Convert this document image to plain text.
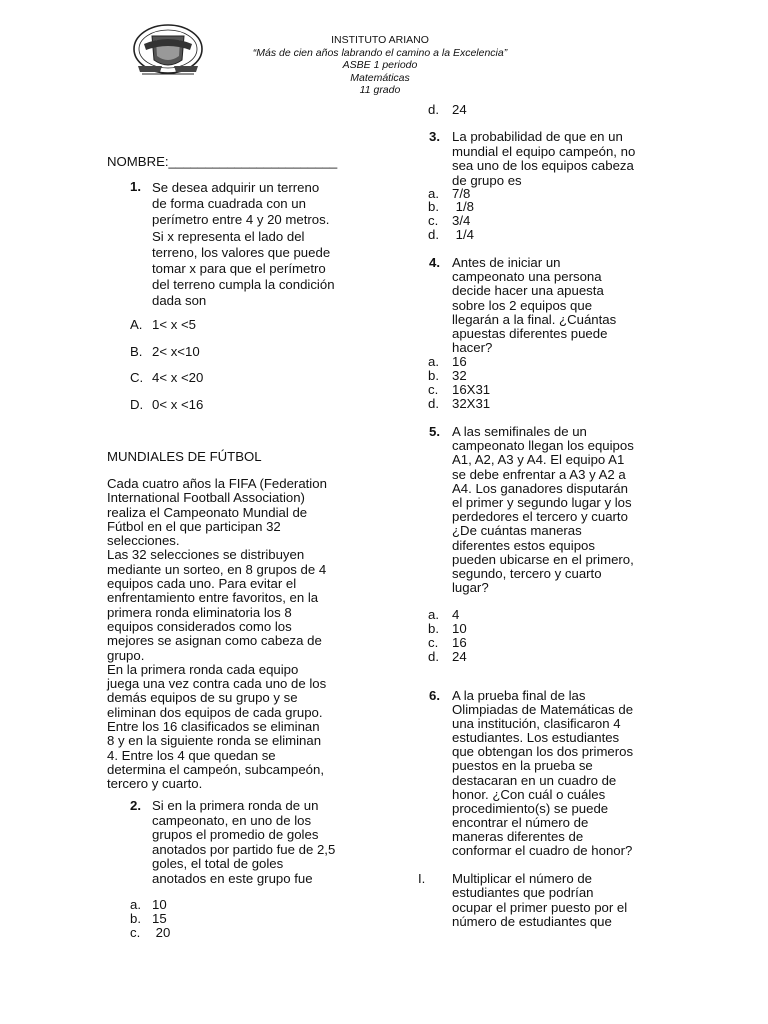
INSTITUTO ARIANO
“Más de cien años labrando el camino a la Excelencia”
ASBE 1 periodo
Matemáticas
11 grado
NOMBRE:_______________________
1. Se desea adquirir un terreno

de forma cuadrada con un

perímetro entre 4 y 20 metros.

Si x representa el lado del

terreno, los valores que puede

tomar x para que el perímetro

del terreno cumpla la condición

dada son

A. 1< x <5
B. 2< x<10
C. 4< x <20
D. 0< x <16
MUNDIALES DE FÚTBOL

Cada cuatro años la FIFA (Federation

International Football Association)

realiza el Campeonato Mundial de

Fútbol en el que participan 32

selecciones.

Las 32 selecciones se distribuyen

mediante un sorteo, en 8 grupos de 4

equipos cada uno. Para evitar el

enfrentamiento entre favoritos, en la

primera ronda eliminatoria los 8

equipos considerados como los

mejores se asignan como cabeza de

grupo.

En la primera ronda cada equipo

juega una vez contra cada uno de los

demás equipos de su grupo y se

eliminan dos equipos de cada grupo.

Entre los 16 clasificados se eliminan

8 y en la siguiente ronda se eliminan

4. Entre los 4 que quedan se

determina el campeón, subcampeón,

tercero y cuarto.

2. Si en la primera ronda de un

campeonato, en uno de los

grupos el promedio de goles

anotados por partido fue de 2,5

goles, el total de goles

anotados en este grupo fue

a. 10
b. 15
c. 20
d. 24
3. La probabilidad de que en un

mundial el equipo campeón, no

sea uno de los equipos cabeza

de grupo es

a. 7/8
b. 1/8
c. 3/4
d. 1/4
4. Antes de iniciar un

campeonato una persona

decide hacer una apuesta

sobre los 2 equipos que

llegarán a la final. ¿Cuántas

apuestas diferentes puede

hacer?

a. 16
b. 32
c. 16X31
d. 32X31
5. A las semifinales de un

campeonato llegan los equipos

A1, A2, A3 y A4. El equipo A1

se debe enfrentar a A3 y A2 a

A4. Los ganadores disputarán

el primer y segundo lugar y los

perdedores el tercero y cuarto

¿De cuántas maneras

diferentes estos equipos

pueden ubicarse en el primero,

segundo, tercero y cuarto

lugar?

a. 4
b. 10
c. 16
d. 24
6. A la prueba final de las

Olimpiadas de Matemáticas de

una institución, clasificaron 4

estudiantes. Los estudiantes

que obtengan los dos primeros

puestos en la prueba se

destacaran en un cuadro de

honor. ¿Con cuál o cuáles

procedimiento(s) se puede

encontrar el número de

maneras diferentes de

conformar el cuadro de honor?

I. Multiplicar el número de

estudiantes que podrían

ocupar el primer puesto por el

número de estudiantes que
